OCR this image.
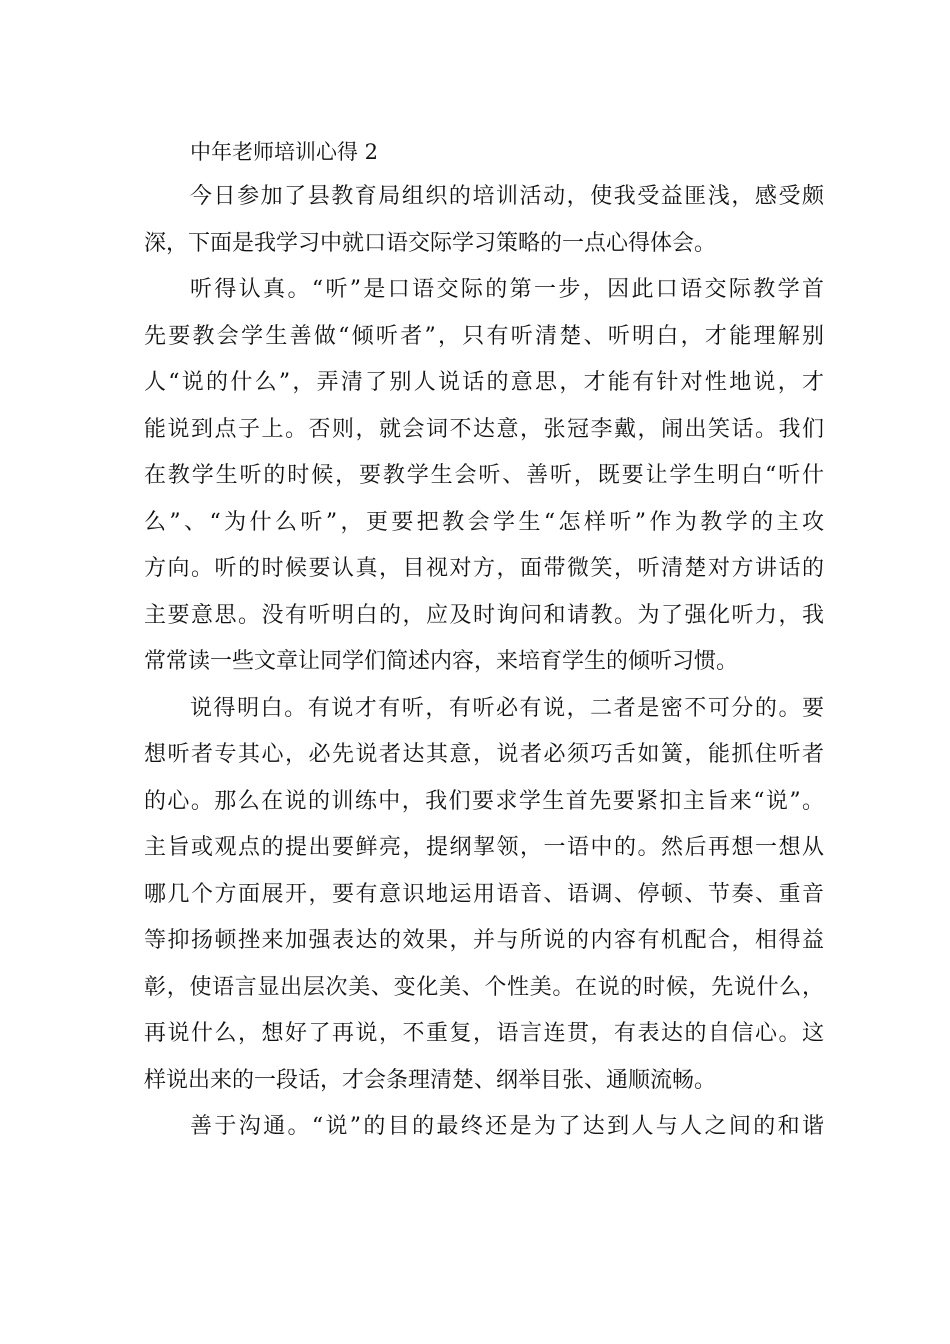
中年老师培训心得 2

今日参加了县教育局组织的培训活动，使我受益匪浅，感受颇
深，下面是我学习中就口语交际学习策略的一点心得体会。

听得认真。“听”是口语交际的第一步，因此口语交际教学首
先要教会学生善做“倾听者”，只有听清楚、听明白，才能理解别
人“说的什么”，弄清了别人说话的意思，才能有针对性地说，才
能说到点子上。否则，就会词不达意，张冠李戴，闹出笑话。我们
在教学生听的时候，要教学生会听、善听，既要让学生明白“听什
么”、“为什么听”，更要把教会学生“怎样听”作为教学的主攻
方向。听的时候要认真，目视对方，面带微笑，听清楚对方讲话的
主要意思。没有听明白的，应及时询问和请教。为了强化听力，我
常常读一些文章让同学们简述内容，来培育学生的倾听习惯。

说得明白。有说才有听，有听必有说，二者是密不可分的。要
想听者专其心，必先说者达其意，说者必须巧舌如簧，能抓住听者
的心。那么在说的训练中，我们要求学生首先要紧扣主旨来“说”。
主旨或观点的提出要鲜亮，提纲挈领，一语中的。然后再想一想从
哪几个方面展开，要有意识地运用语音、语调、停顿、节奏、重音
等抑扬顿挫来加强表达的效果，并与所说的内容有机配合，相得益
彰，使语言显出层次美、变化美、个性美。在说的时候，先说什么，
再说什么，想好了再说，不重复，语言连贯，有表达的自信心。这
样说出来的一段话，才会条理清楚、纲举目张、通顺流畅。

善于沟通。“说”的目的最终还是为了达到人与人之间的和谐
